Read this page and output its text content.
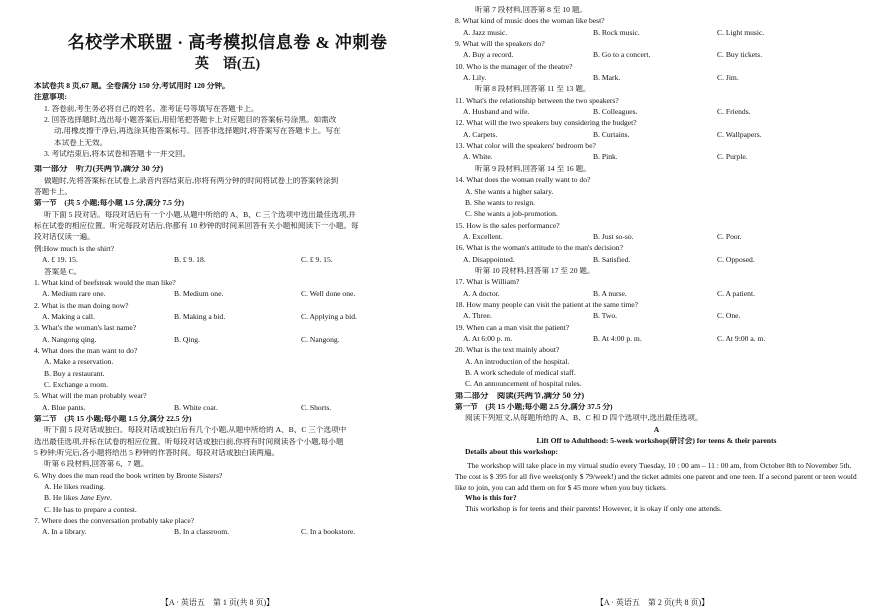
名校学术联盟 · 高考模拟信息卷 & 冲刺卷
英　语(五)
本试卷共 8 页,67 题。全卷满分 150 分,考试用时 120 分钟。
注意事项:
1. 答卷前,考生务必将自己的姓名、准考证号等填写在答题卡上。
2. 回答选择题时,选出每小题答案后,用铅笔把答题卡上对应题目的答案标号涂黑。如需改
动,用橡皮擦干净后,再选涂其他答案标号。回答非选择题时,将答案写在答题卡上。写在
本试卷上无效。
3. 考试结束后,将本试卷和答题卡一并交回。
第一部分　听力(共两节,满分 30 分)
做题时,先将答案标在试卷上,录音内容结束后,你将有两分钟的时间将试卷上的答案转涂到
答题卡上。
第一节　(共 5 小题;每小题 1.5 分,满分 7.5 分)
听下面 5 段对话。每段对话后有一个小题,从题中所给的 A、B、C 三个选项中选出最佳选项,并
标在试卷的相应位置。听完每段对话后,你都有 10 秒钟的时间来回答有关小题和阅读下一小题。每
段对话仅读一遍。
例:How much is the shirt?
A. £ 19. 15.	B. £ 9. 18.	C. £ 9. 15.
答案是 C。
1. What kind of beefsteak would the man like?
A. Medium rare one.	B. Medium one.	C. Well done one.
2. What is the man doing now?
A. Making a call.	B. Making a bid.	C. Applying a bid.
3. What's the woman's last name?
A. Nangong qing.	B. Qing.	C. Nangong.
4. What does the man want to do?
A. Make a reservation.
B. Buy a restaurant.
C. Exchange a room.
5. What will the man probably wear?
A. Blue pants.	B. White coat.	C. Shorts.
第二节　(共 15 小题;每小题 1.5 分,满分 22.5 分)
听下面 5 段对话或独白。每段对话或独白后有几个小题,从题中所给的 A、B、C 三个选项中
选出最佳选项,并标在试卷的相应位置。听每段对话或独白前,你将有时间阅读各个小题,每小题
5 秒钟;听完后,各小题将给出 5 秒钟的作答时间。每段对话或独白读两遍。
听第 6 段材料,回答第 6、7 题。
6. Why does the man read the book written by Bronte Sisters?
A. He likes reading.
B. He likes Jane Eyre.
C. He has to prepare a contest.
7. Where does the conversation probably take place?
A. In a library.	B. In a classroom.	C. In a bookstore.
【A · 英语五　第 1 页(共 8 页)】
听第 7 段材料,回答第 8 至 10 题。
8. What kind of music does the woman like best?
A. Jazz music.	B. Rock music.	C. Light music.
9. What will the speakers do?
A. Buy a record.	B. Go to a concert.	C. Buy tickets.
10. Who is the manager of the theatre?
A. Lily.	B. Mark.	C. Jim.
听第 8 段材料,回答第 11 至 13 题。
11. What's the relationship between the two speakers?
A. Husband and wife.	B. Colleagues.	C. Friends.
12. What will the two speakers buy considering the budget?
A. Carpets.	B. Curtains.	C. Wallpapers.
13. What color will the speakers' bedroom be?
A. White.	B. Pink.	C. Purple.
听第 9 段材料,回答第 14 至 16 题。
14. What does the woman really want to do?
A. She wants a higher salary.
B. She wants to resign.
C. She wants a job-promotion.
15. How is the sales performance?
A. Excellent.	B. Just so-so.	C. Poor.
16. What is the woman's attitude to the man's decision?
A. Disappointed.	B. Satisfied.	C. Opposed.
听第 10 段材料,回答第 17 至 20 题。
17. What is William?
A. A doctor.	B. A nurse.	C. A patient.
18. How many people can visit the patient at the same time?
A. Three.	B. Two.	C. One.
19. When can a man visit the patient?
A. At 6:00 p. m.	B. At 4:00 p. m.	C. At 9:00 a. m.
20. What is the text mainly about?
A. An introduction of the hospital.
B. A work schedule of medical staff.
C. An announcement of hospital rules.
第二部分　阅读(共两节,满分 50 分)
第一节　(共 15 小题;每小题 2.5 分,满分 37.5 分)
阅读下列短文,从每题所给的 A、B、C 和 D 四个选项中,选出最佳选项。
A
Lift Off to Adulthood: 5-week workshop(研讨会) for teens & their parents
Details about this workshop:
The workshop will take place in my virtual studio every Tuesday, 10 : 00 am – 11 : 00 am, from October 8th to November 5th. The cost is $ 395 for all five weeks(only $ 79/week!) and the ticket admits one parent and one teen. If a second parent or teen would like to join, you can add them on for $ 45 more when you buy tickets.
Who is this for?
This workshop is for teens and their parents! However, it is okay if only one attends.
【A · 英语五　第 2 页(共 8 页)】
